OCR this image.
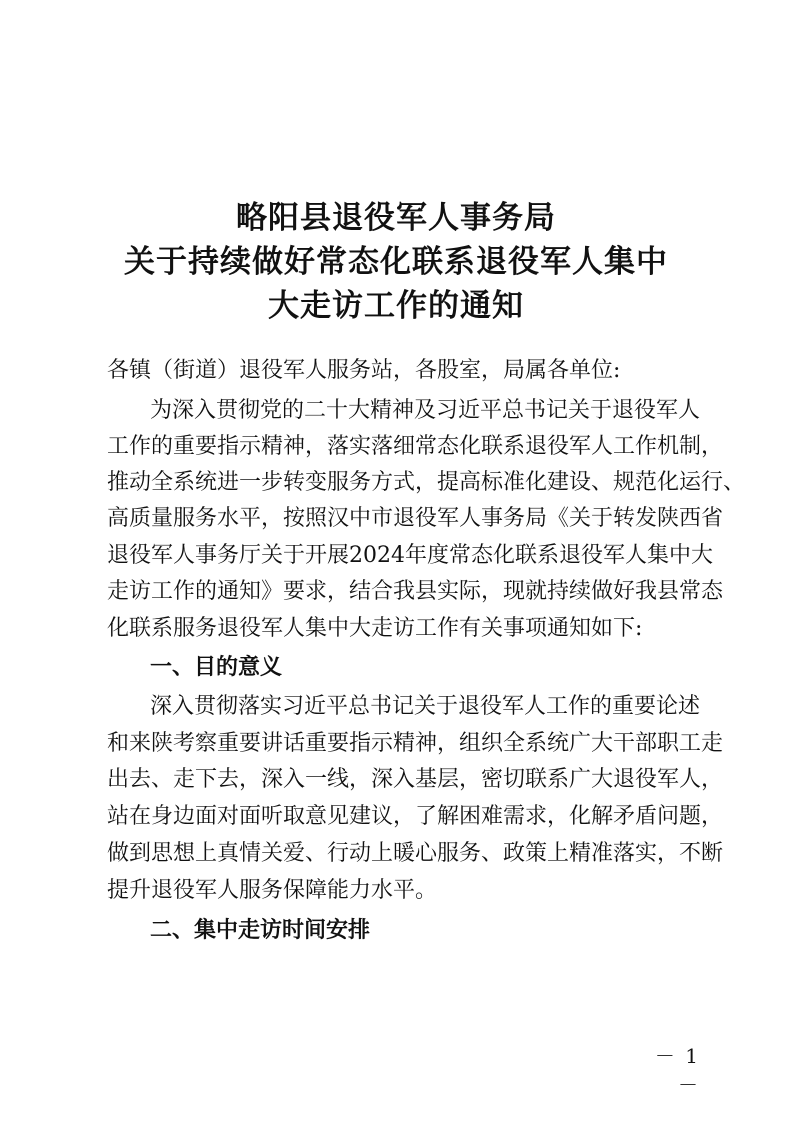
略阳县退役军人事务局
关于持续做好常态化联系退役军人集中
大走访工作的通知
各镇（街道）退役军人服务站，各股室，局属各单位:
为深入贯彻党的二十大精神及习近平总书记关于退役军人
工作的重要指示精神，落实落细常态化联系退役军人工作机制，
推动全系统进一步转变服务方式，提高标准化建设、规范化运行、
高质量服务水平，按照汉中市退役军人事务局《关于转发陕西省
退役军人事务厅关于开展2024年度常态化联系退役军人集中大
走访工作的通知》要求，结合我县实际，现就持续做好我县常态
化联系服务退役军人集中大走访工作有关事项通知如下:
一、目的意义
深入贯彻落实习近平总书记关于退役军人工作的重要论述
和来陕考察重要讲话重要指示精神，组织全系统广大干部职工走
出去、走下去，深入一线，深入基层，密切联系广大退役军人，
站在身边面对面听取意见建议，了解困难需求，化解矛盾问题，
做到思想上真情关爱、行动上暖心服务、政策上精准落实，不断
提升退役军人服务保障能力水平。
二、集中走访时间安排
－ 1 －
